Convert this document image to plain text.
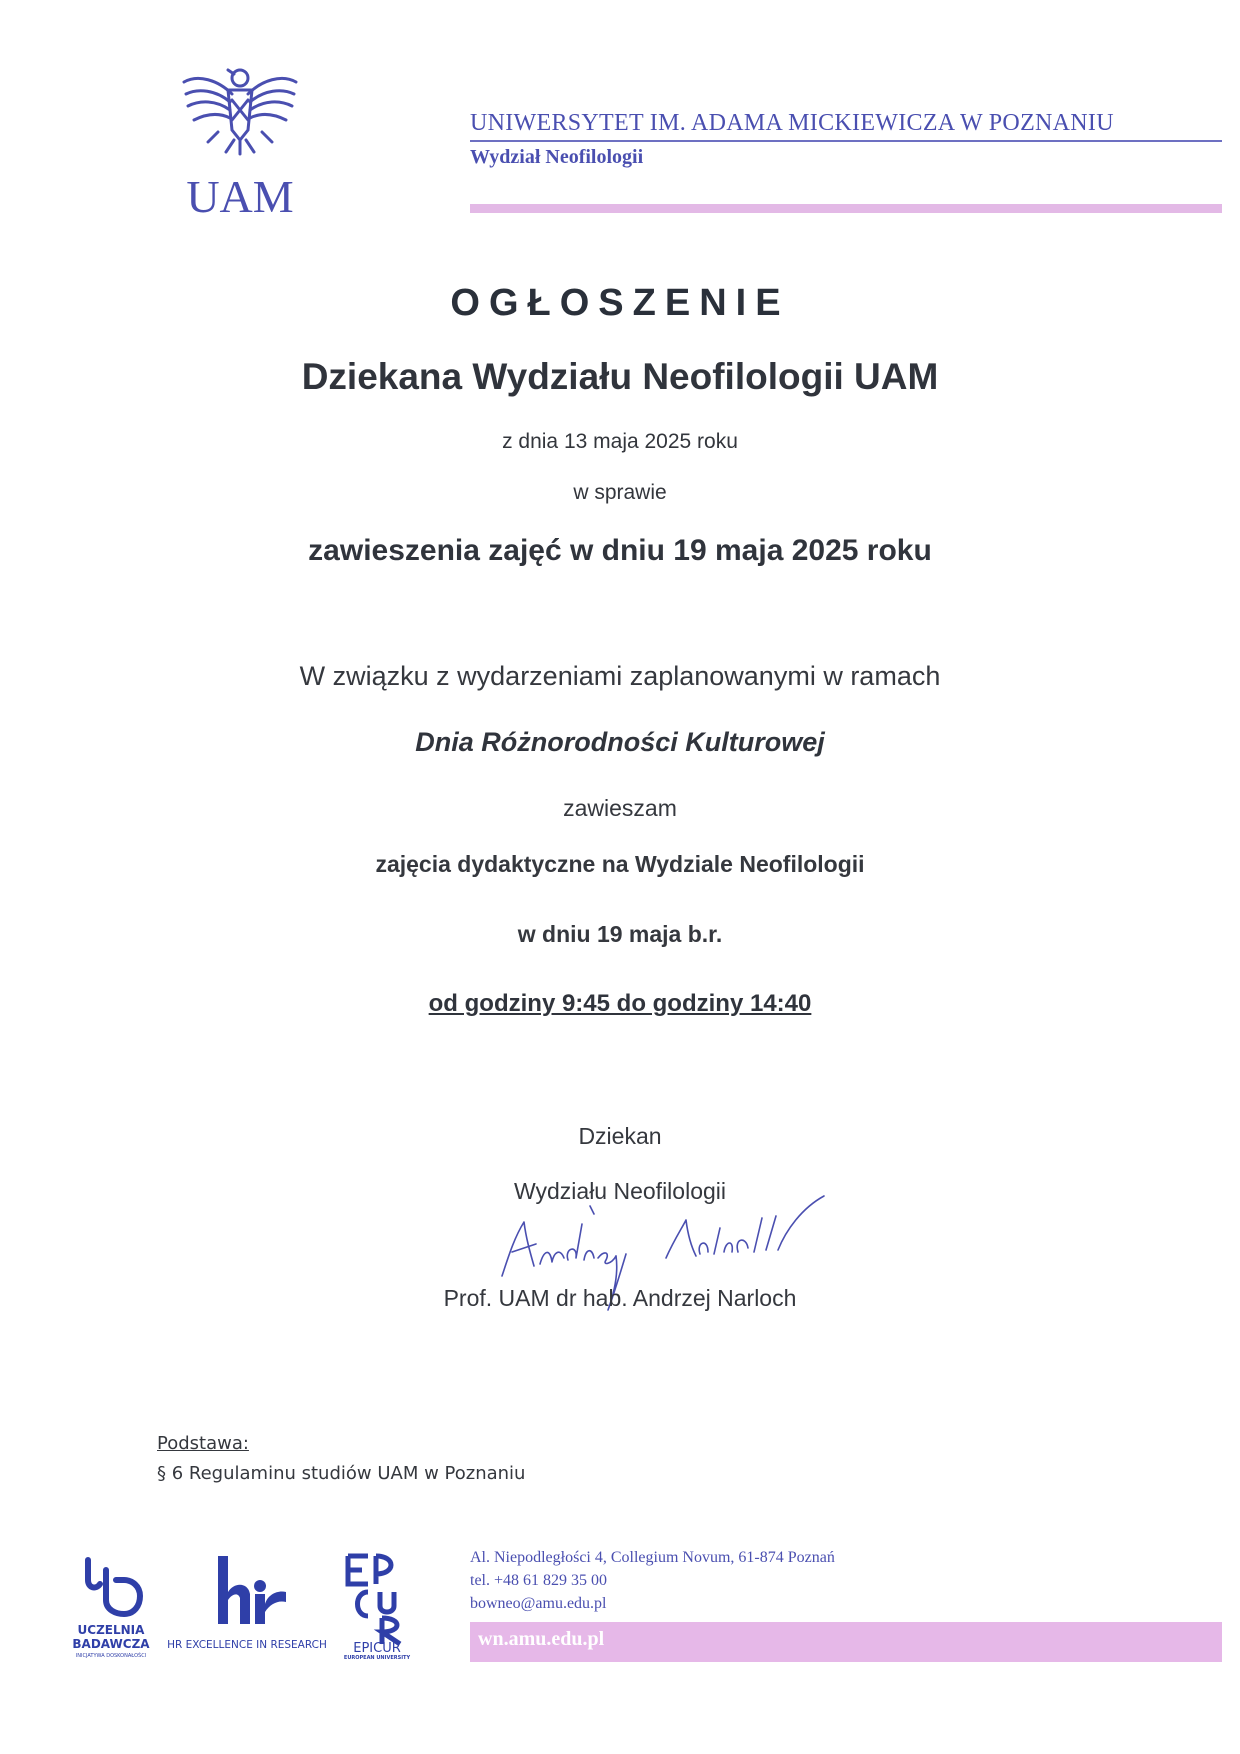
UAM
UNIWERSYTET IM. ADAMA MICKIEWICZA W POZNANIU
Wydział Neofilologii
OGŁOSZENIE
Dziekana Wydziału Neofilologii UAM
z dnia 13 maja 2025 roku
w sprawie
zawieszenia zajęć w dniu 19 maja 2025 roku
W związku z wydarzeniami zaplanowanymi w ramach
Dnia Różnorodności Kulturowej
zawieszam
zajęcia dydaktyczne na Wydziale Neofilologii
w dniu 19 maja b.r.
od godziny 9:45 do godziny 14:40
Dziekan
Wydziału Neofilologii
Prof. UAM dr hab. Andrzej Narloch
Podstawa:
§ 6 Regulaminu studiów UAM w Poznaniu
UCZELNIA
BADAWCZA
INICJATYWA DOSKONAŁOŚCI
HR EXCELLENCE IN RESEARCH EPICUR
EUROPEAN UNIVERSITY
Al. Niepodległości 4, Collegium Novum, 61-874 Poznań
tel. +48 61 829 35 00
bowneo@amu.edu.pl
wn.amu.edu.pl
